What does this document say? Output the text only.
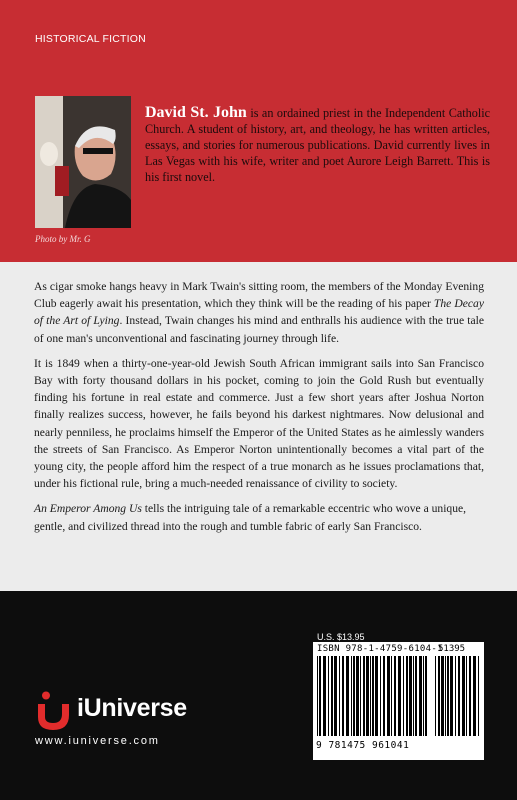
HISTORICAL FICTION
Photo by Mr. G
David St. John is an ordained priest in the Independent Catholic Church. A student of history, art, and theology, he has written articles, essays, and stories for numerous publications. David currently lives in Las Vegas with his wife, writer and poet Aurore Leigh Barrett. This is his first novel.

As cigar smoke hangs heavy in Mark Twain's sitting room, the members of the Monday Evening Club eagerly await his presentation, which they think will be the reading of his paper The Decay of the Art of Lying. Instead, Twain changes his mind and enthralls his audience with the true tale of one man's unconventional and fascinating journey through life.

It is 1849 when a thirty-one-year-old Jewish South African immigrant sails into San Francisco Bay with forty thousand dollars in his pocket, coming to join the Gold Rush but eventually finding his fortune in real estate and commerce. Just a few short years after Joshua Norton finally realizes success, however, he fails beyond his darkest nightmares. Now delusional and nearly penniless, he proclaims himself the Emperor of the United States as he aimlessly wanders the streets of San Francisco. As Emperor Norton unintentionally becomes a vital part of the young city, the people afford him the respect of a true monarch as he issues proclamations that, under his fictional rule, bring a much-needed renaissance of civility to society.

An Emperor Among Us tells the intriguing tale of a remarkable eccentric who wove a unique, gentle, and civilized thread into the rough and tumble fabric of early San Francisco.

U.S. $13.95
ISBN 978-1-4759-6104-1
51395
9 781475 961041
iUniverse
www.iuniverse.com
